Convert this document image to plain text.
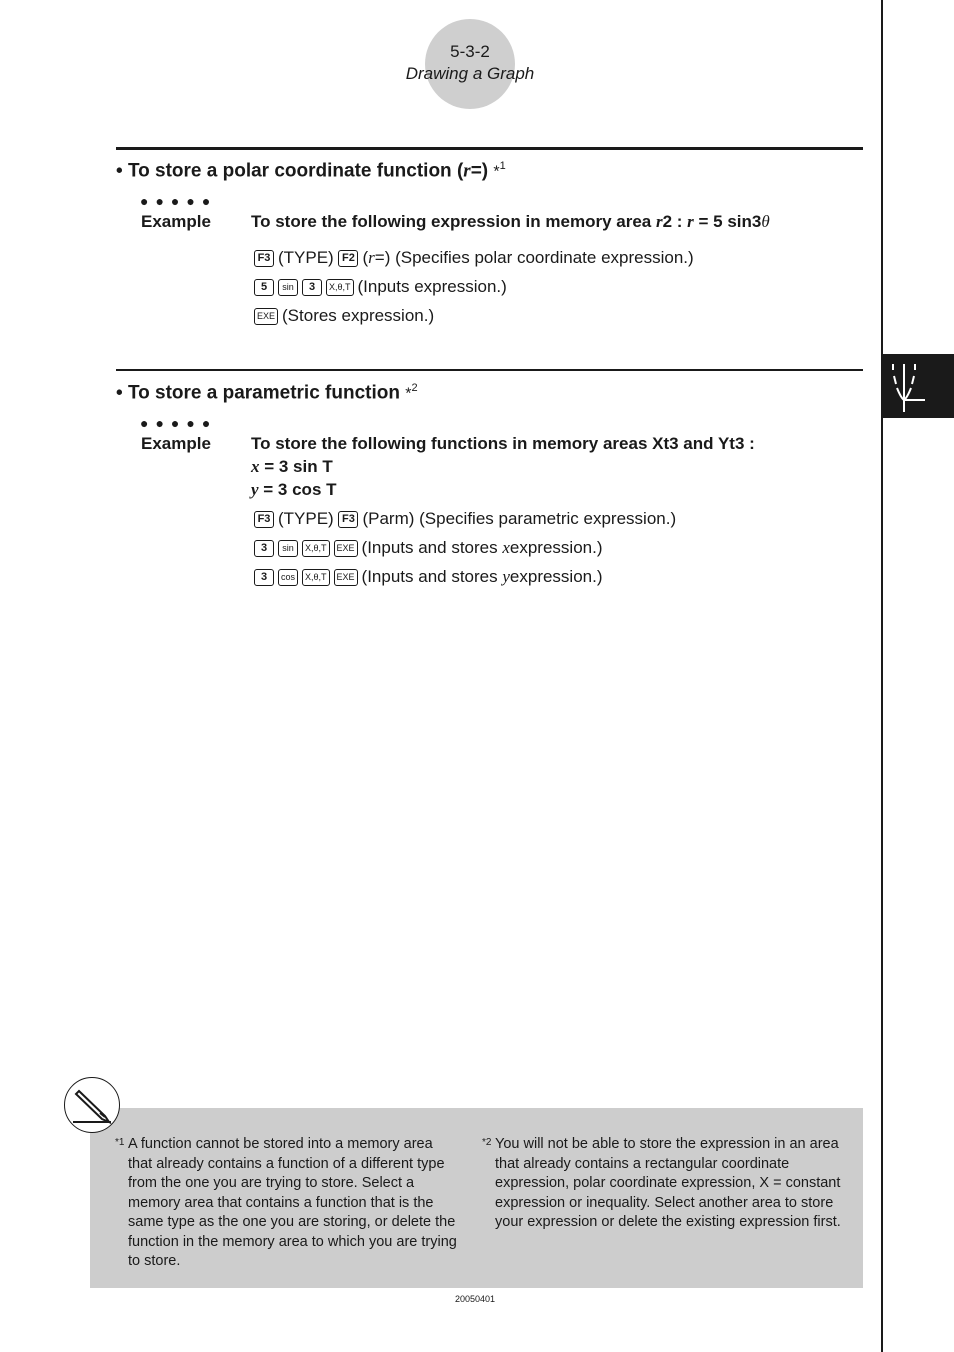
5-3-2
Drawing a Graph
• To store a polar coordinate function (r=) *$^1$
●●●●●
Example To store the following expression in memory area r2 : r = 5 sin3θ
F3 (TYPE)
F2 ( r =) (Specifies polar coordinate expression.)
5	sin	3	X,θ,T (Inputs expression.)
EXE (Stores expression.)
• To store a parametric function *$^2$
●●●●●
Example To store the following functions in memory areas Xt3 and Yt3 :
x = 3 sin T
y = 3 cos T
F3 (TYPE)
F3 (Parm) (Specifies parametric expression.)
3	sin	X,θ,T	EXE (Inputs and stores
x expression.)
3	cos	X,θ,T	EXE (Inputs and stores
y expression.)
*1 A function cannot be stored into a memory area that already contains a function of a different type from the one you are trying to store. Select a memory area that contains a function that is the same type as the one you are storing, or delete the function in the memory area to which you are trying to store.
*2 You will not be able to store the expression in an area that already contains a rectangular coordinate expression, polar coordinate expression, X = constant expression or inequality. Select another area to store your expression or delete the existing expression first.
20050401
